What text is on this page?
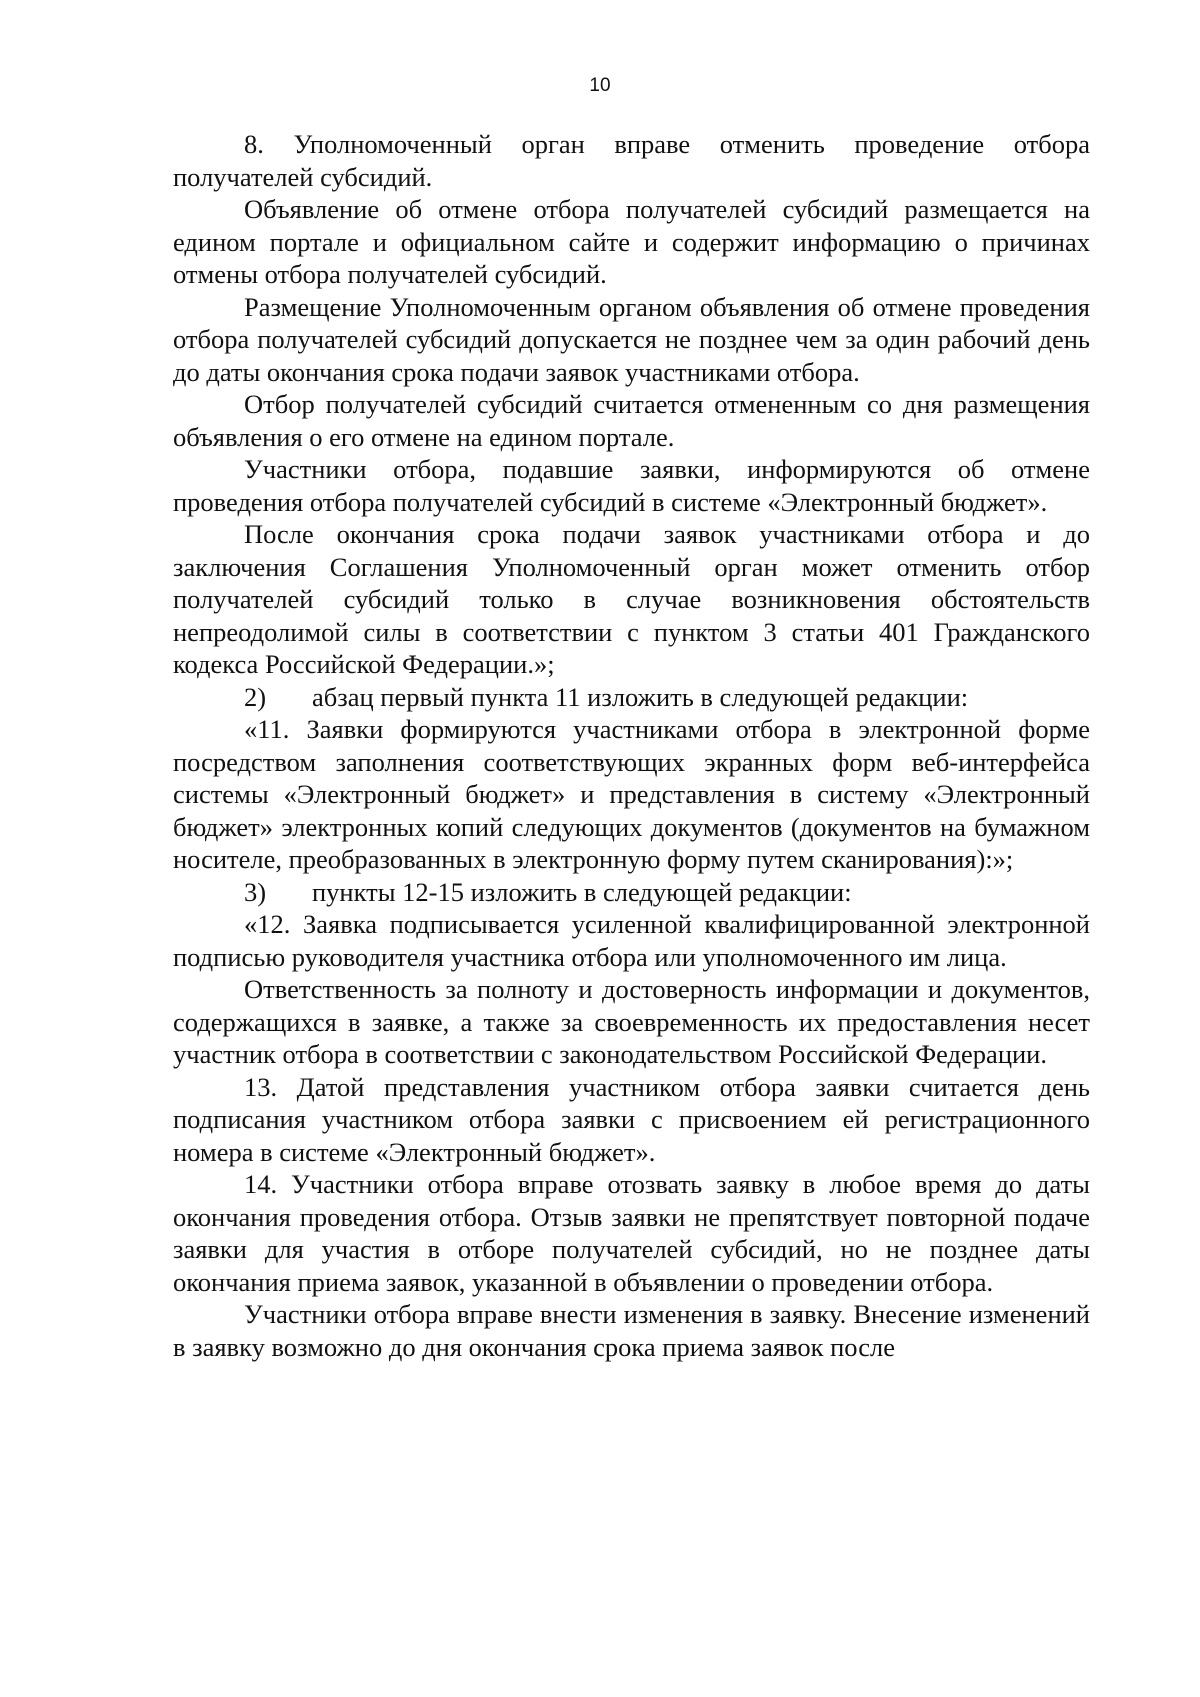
10

8. Уполномоченный орган вправе отменить проведение отбора получателей субсидий.

Объявление об отмене отбора получателей субсидий размещается на едином портале и официальном сайте и содержит информацию о причинах отмены отбора получателей субсидий.

Размещение Уполномоченным органом объявления об отмене проведения отбора получателей субсидий допускается не позднее чем за один рабочий день до даты окончания срока подачи заявок участниками отбора.

Отбор получателей субсидий считается отмененным со дня размещения объявления о его отмене на едином портале.

Участники отбора, подавшие заявки, информируются об отмене проведения отбора получателей субсидий в системе «Электронный бюджет».

После окончания срока подачи заявок участниками отбора и до заключения Соглашения Уполномоченный орган может отменить отбор получателей субсидий только в случае возникновения обстоятельств непреодолимой силы в соответствии с пунктом 3 статьи 401 Гражданского кодекса Российской Федерации.»;

2) абзац первый пункта 11 изложить в следующей редакции:

«11. Заявки формируются участниками отбора в электронной форме посредством заполнения соответствующих экранных форм веб-интерфейса системы «Электронный бюджет» и представления в систему «Электронный бюджет» электронных копий следующих документов (документов на бумажном носителе, преобразованных в электронную форму путем сканирования):»;

3) пункты 12-15 изложить в следующей редакции:

«12. Заявка подписывается усиленной квалифицированной электронной подписью руководителя участника отбора или уполномоченного им лица.

Ответственность за полноту и достоверность информации и документов, содержащихся в заявке, а также за своевременность их предоставления несет участник отбора в соответствии с законодательством Российской Федерации.

13. Датой представления участником отбора заявки считается день подписания участником отбора заявки с присвоением ей регистрационного номера в системе «Электронный бюджет».

14. Участники отбора вправе отозвать заявку в любое время до даты окончания проведения отбора. Отзыв заявки не препятствует повторной подаче заявки для участия в отборе получателей субсидий, но не позднее даты окончания приема заявок, указанной в объявлении о проведении отбора.

Участники отбора вправе внести изменения в заявку. Внесение изменений в заявку возможно до дня окончания срока приема заявок после
